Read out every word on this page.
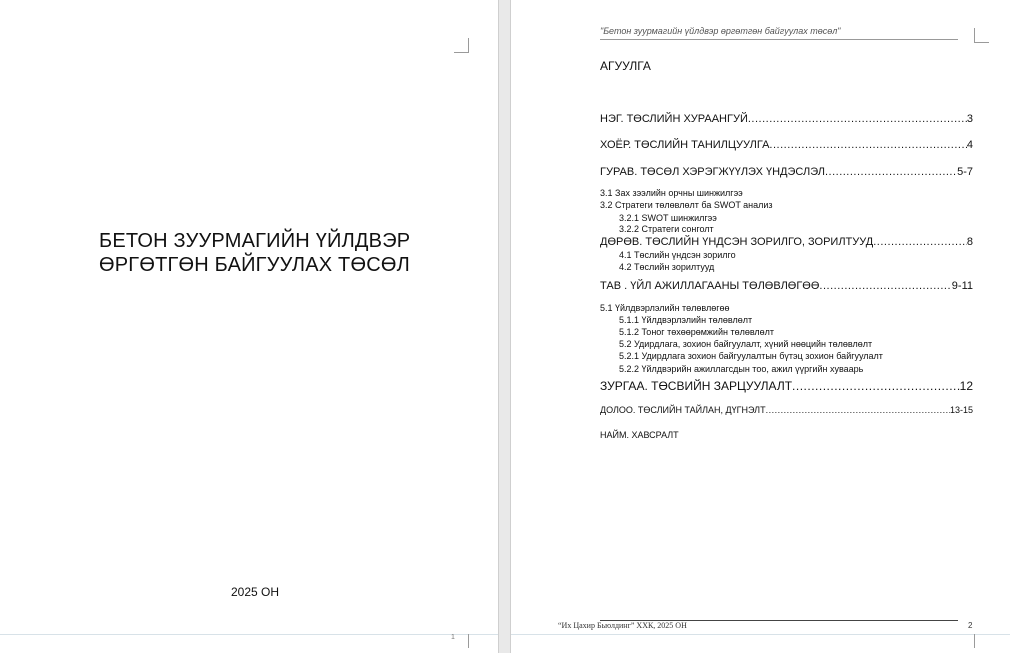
БЕТОН ЗУУРМАГИЙН ҮЙЛДВЭР
ӨРГӨТГӨН БАЙГУУЛАХ ТӨСӨЛ
2025 ОН
1
"Бетон зуурмагийн үйлдвэр өргөтгөн байгуулах төсөл"
АГУУЛГА
НЭГ. ТӨСЛИЙН ХУРААНГУЙ .....	3
ХОЁР. ТӨСЛИЙН ТАНИЛЦУУЛГА .....	4
ГУРАВ. ТӨСӨЛ ХЭРЭГЖҮҮЛЭХ ҮНДЭСЛЭЛ .....	5-7
3.1 Зах зээлийн орчны шинжилгээ
3.2 Стратеги төлөвлөлт ба SWOT анализ
3.2.1 SWOT шинжилгээ
3.2.2 Стратеги сонголт
ДӨРӨВ. ТӨСЛИЙН ҮНДСЭН ЗОРИЛГО, ЗОРИЛТУУД .....	8
4.1 Төслийн үндсэн зорилго
4.2 Төслийн зорилтууд
ТАВ . ҮЙЛ АЖИЛЛАГААНЫ ТӨЛӨВЛӨГӨӨ .....	9-11
5.1 Үйлдвэрлэлийн төлөвлөгөө
5.1.1 Үйлдвэрлэлийн төлөвлөлт
5.1.2 Тоног төхөөрөмжийн төлөвлөлт
5.2 Удирдлага, зохион байгуулалт, хүний нөөцийн төлөвлөлт
5.2.1 Удирдлага зохион байгуулалтын бүтэц зохион байгуулалт
5.2.2 Үйлдвэрийн ажиллагсдын тоо, ажил үүргийн хуваарь
ЗУРГАА. ТӨСВИЙН ЗАРЦУУЛАЛТ .....	12
ДОЛОО. ТӨСЛИЙН ТАЙЛАН, ДҮГНЭЛТ .....	13-15
НАЙМ. ХАВСРАЛТ
“Их Цахир Бьюлдинг” ХХК, 2025 ОН	2
